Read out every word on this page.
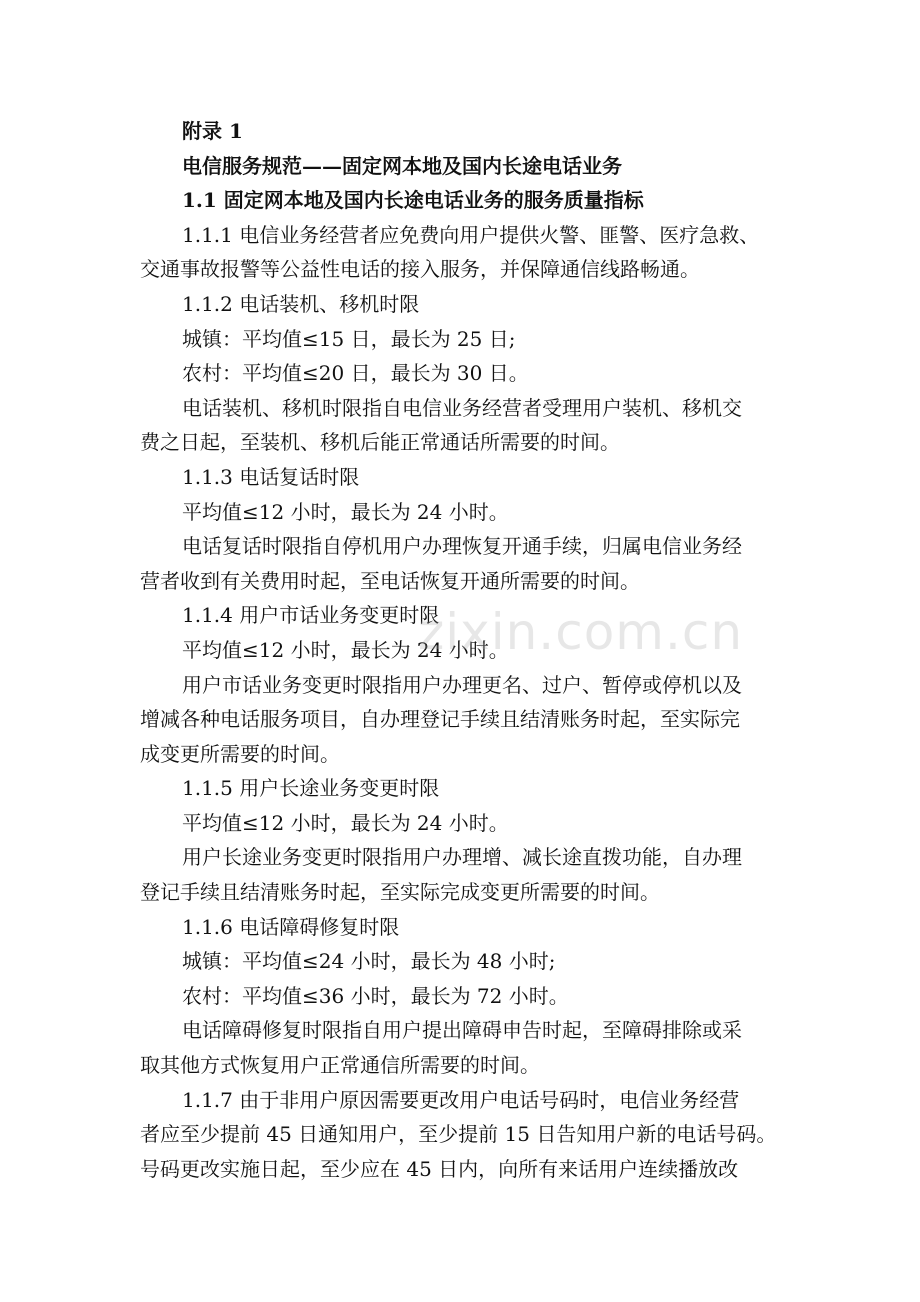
附录 1
电信服务规范——固定网本地及国内长途电话业务
1.1 固定网本地及国内长途电话业务的服务质量指标
1.1.1 电信业务经营者应免费向用户提供火警、匪警、医疗急救、
交通事故报警等公益性电话的接入服务，并保障通信线路畅通。
1.1.2 电话装机、移机时限
城镇：平均值≤15 日，最长为 25 日;
农村：平均值≤20 日，最长为 30 日。
电话装机、移机时限指自电信业务经营者受理用户装机、移机交
费之日起，至装机、移机后能正常通话所需要的时间。
1.1.3 电话复话时限
平均值≤12 小时，最长为 24 小时。
电话复话时限指自停机用户办理恢复开通手续，归属电信业务经
营者收到有关费用时起，至电话恢复开通所需要的时间。
1.1.4 用户市话业务变更时限
平均值≤12 小时，最长为 24 小时。
用户市话业务变更时限指用户办理更名、过户、暂停或停机以及
增减各种电话服务项目，自办理登记手续且结清账务时起，至实际完
成变更所需要的时间。
1.1.5 用户长途业务变更时限
平均值≤12 小时，最长为 24 小时。
用户长途业务变更时限指用户办理增、减长途直拨功能，自办理
登记手续且结清账务时起，至实际完成变更所需要的时间。
1.1.6 电话障碍修复时限
城镇：平均值≤24 小时，最长为 48 小时;
农村：平均值≤36 小时，最长为 72 小时。
电话障碍修复时限指自用户提出障碍申告时起，至障碍排除或采
取其他方式恢复用户正常通信所需要的时间。
1.1.7 由于非用户原因需要更改用户电话号码时，电信业务经营
者应至少提前 45 日通知用户，至少提前 15 日告知用户新的电话号码。
号码更改实施日起，至少应在 45 日内，向所有来话用户连续播放改
zixin.com.cn
